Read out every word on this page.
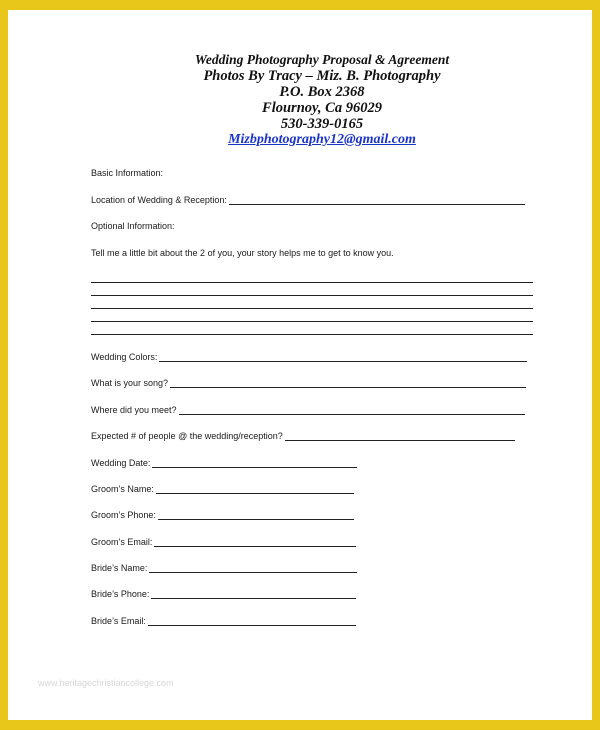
Wedding Photography Proposal & Agreement
Photos By Tracy – Miz. B. Photography
P.O. Box 2368
Flournoy, Ca 96029
530-339-0165
Mizbphotography12@gmail.com
Basic Information:
Location of Wedding & Reception:
Optional Information:
Tell me a little bit about the 2 of you, your story helps me to get to know you.
Wedding Colors:
What is your song?
Where did you meet?
Expected # of people @ the wedding/reception?
Wedding Date:
Groom’s Name:
Groom’s Phone:
Groom’s Email:
Bride’s Name:
Bride’s Phone:
Bride’s Email:
www.heritagechristiancollege.com
